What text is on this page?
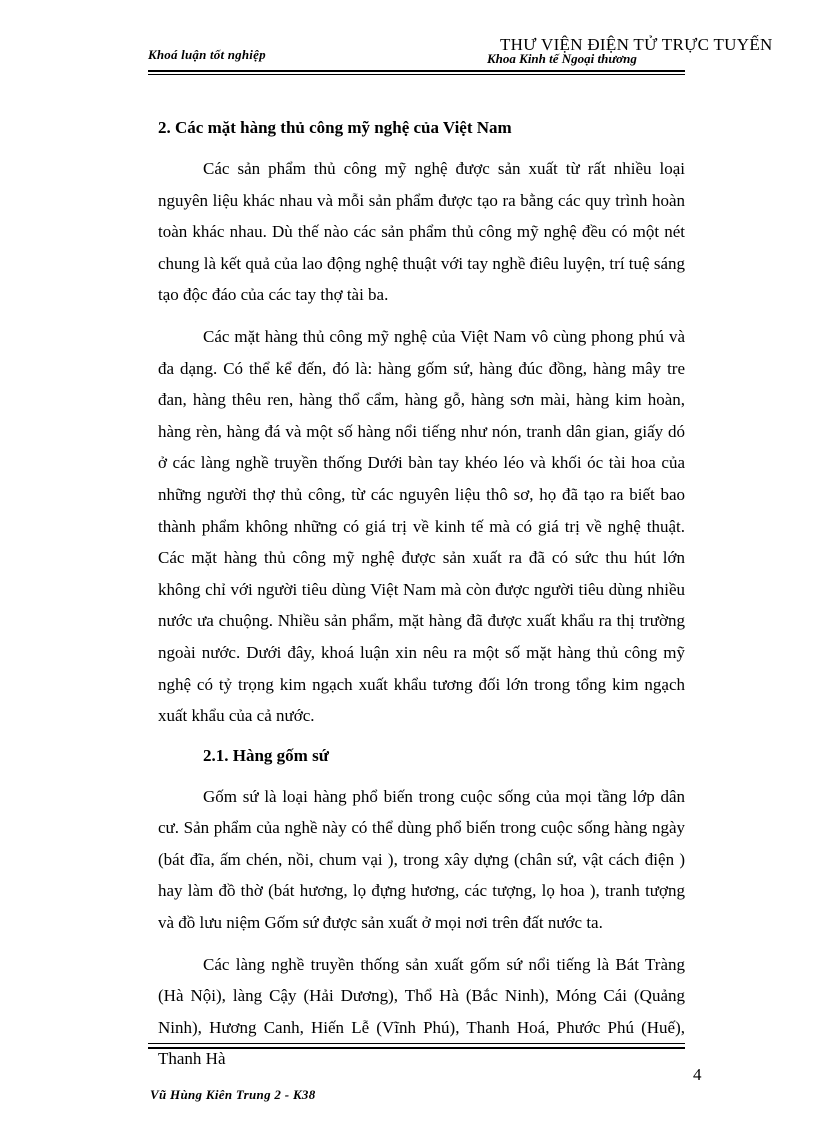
Khoá luận tốt nghiệp	Khoa Kinh tế Ngoại thương
THƯ VIỆN ĐIỆN TỬ TRỰC TUYẾN
2. Các mặt hàng thủ công mỹ nghệ của Việt Nam

Các sản phẩm thủ công mỹ nghệ được sản xuất từ rất nhiều loại nguyên liệu khác nhau và mỗi sản phẩm được tạo ra bằng các quy trình hoàn toàn khác nhau. Dù thế nào các sản phẩm thủ công mỹ nghệ đều có một nét chung là kết quả của lao động nghệ thuật với tay nghề điêu luyện, trí tuệ sáng tạo độc đáo của các tay thợ tài ba.

Các mặt hàng thủ công mỹ nghệ của Việt Nam vô cùng phong phú và đa dạng. Có thể kể đến, đó là: hàng gốm sứ, hàng đúc đồng, hàng mây tre đan, hàng thêu ren, hàng thổ cẩm, hàng gỗ, hàng sơn mài, hàng kim hoàn, hàng rèn, hàng đá và một số hàng nổi tiếng như nón, tranh dân gian, giấy dó ở các làng nghề truyền thống Dưới bàn tay khéo léo và khối óc tài hoa của những người thợ thủ công, từ các nguyên liệu thô sơ, họ đã tạo ra biết bao thành phẩm không những có giá trị về kinh tế mà có giá trị về nghệ thuật. Các mặt hàng thủ công mỹ nghệ được sản xuất ra đã có sức thu hút lớn không chỉ với người tiêu dùng Việt Nam mà còn được người tiêu dùng nhiều nước ưa chuộng. Nhiều sản phẩm, mặt hàng đã được xuất khẩu ra thị trường ngoài nước. Dưới đây, khoá luận xin nêu ra một số mặt hàng thủ công mỹ nghệ có tỷ trọng kim ngạch xuất khẩu tương đối lớn trong tổng kim ngạch xuất khẩu của cả nước.

2.1. Hàng gốm sứ

Gốm sứ là loại hàng phổ biến trong cuộc sống của mọi tầng lớp dân cư. Sản phẩm của nghề này có thể dùng phổ biến trong cuộc sống hàng ngày (bát đĩa, ấm chén, nồi, chum vại ), trong xây dựng (chân sứ, vật cách điện ) hay làm đồ thờ (bát hương, lọ đựng hương, các tượng, lọ hoa ), tranh tượng và đồ lưu niệm Gốm sứ được sản xuất ở mọi nơi trên đất nước ta.

Các làng nghề truyền thống sản xuất gốm sứ nổi tiếng là Bát Tràng (Hà Nội), làng Cậy (Hải Dương), Thổ Hà (Bắc Ninh), Móng Cái (Quảng Ninh), Hương Canh, Hiến Lễ (Vĩnh Phú), Thanh Hoá, Phước Phú (Huế), Thanh Hà

Vũ Hùng Kiên Trung 2 - K38
4
